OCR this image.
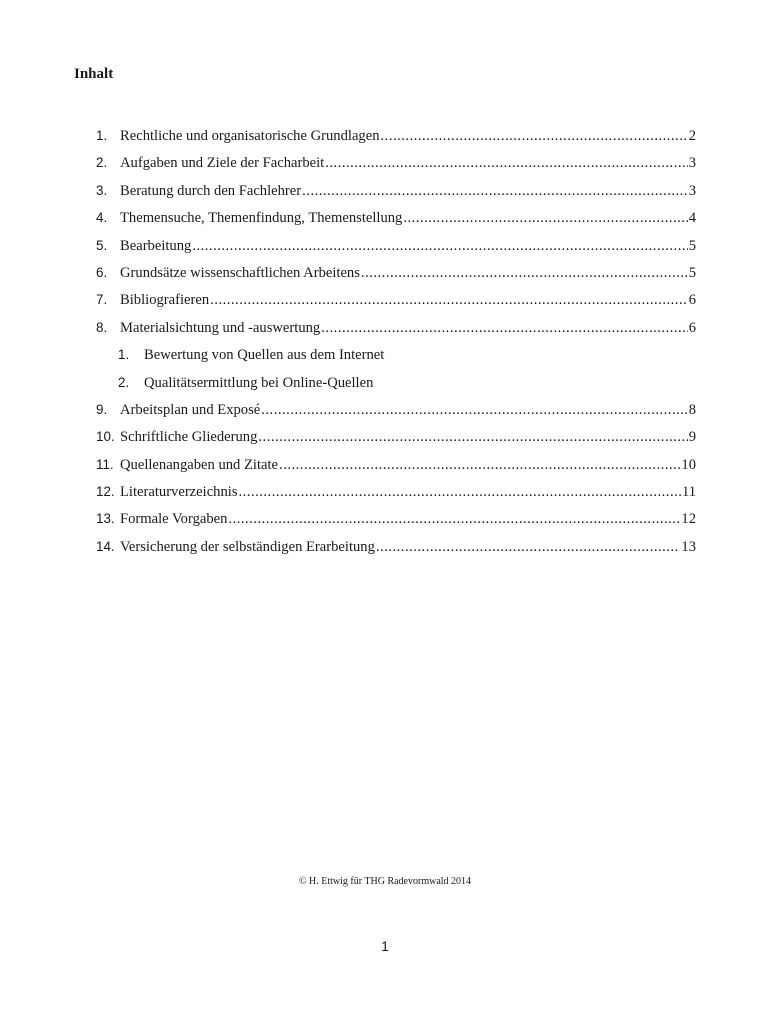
Inhalt
1. Rechtliche und organisatorische Grundlagen .....	2
2. Aufgaben und Ziele der Facharbeit .....	3
3. Beratung durch den Fachlehrer .....	3
4. Themensuche, Themenfindung, Themenstellung .....	4
5. Bearbeitung .....	5
6. Grundsätze wissenschaftlichen Arbeitens .....	5
7. Bibliografieren .....	6
8. Materialsichtung und -auswertung .....	6
1.	Bewertung von Quellen aus dem Internet
2.	Qualitätsermittlung bei Online-Quellen
9. Arbeitsplan und Exposé .....	8
10. Schriftliche Gliederung .....	9
11. Quellenangaben und Zitate .....	10
12. Literaturverzeichnis .....	11
13. Formale Vorgaben .....	12
14. Versicherung der selbständigen Erarbeitung .....	13
© H. Ettwig für THG Radevormwald 2014
1
